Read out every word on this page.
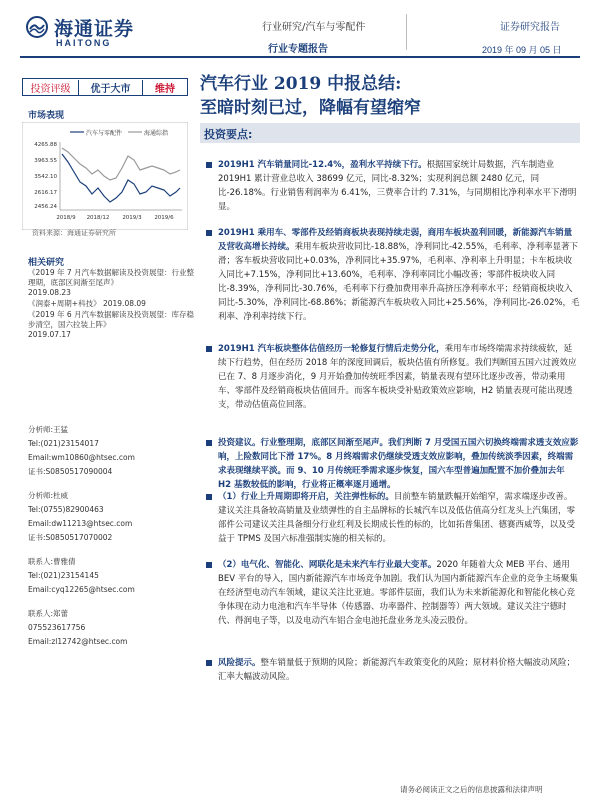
海通证券
HAITONG
行业研究/汽车与零配件
行业专题报告
证券研究报告
2019 年 09 月 05 日
投资评级	优于大市	维持
市场表现
汽车与零配件	海通综指
4265.88
3963.55
3542.10
2616.17
2456.24
2018/9 2018/12 2019/3 2019/6
资料来源：海通证券研究所
相关研究
《2019 年 7 月汽车数据解读及投资展望：行业整理期，底部区间渐至尾声》
2019.08.23
《润泰+周期+科技》 2019.08.09
《2019 年 6 月汽车数据解读及投资展望：库存稳步清空，国六拉装上阵》
2019.07.17
分析师:王猛
Tel:(021)23154017
Email:wm10860@htsec.com
证书:S0850517090004
分析师:杜威
Tel:(0755)82900463
Email:dw11213@htsec.com
证书:S0850517070002
联系人:曹雅倩
Tel:(021)23154145
Email:cyq12265@htsec.com
联系人:郑蕾
075523617756
Email:zl12742@htsec.com
汽车行业 2019 中报总结:
至暗时刻已过，降幅有望缩窄
投资要点:
2019H1 汽车销量同比-12.4%，盈利水平持续下行。根据国家统计局数据，汽车制造业 2019H1 累计营业总收入 38699 亿元，同比-8.32%；实现利润总额 2480 亿元，同比-26.18%。行业销售利润率为 6.41%，三费率合计约 7.31%，与同期相比净利率水平下滑明显。
2019H1 乘用车、零部件及经销商板块表现持续走弱，商用车板块盈利回暖，新能源汽车销量及营收高增长持续。乘用车板块营收同比-18.88%，净利同比-42.55%，毛利率、净利率显著下滑；客车板块营收同比+0.03%，净利同比+35.97%，毛利率、净利率上升明显；卡车板块收入同比+7.15%，净利同比+13.60%，毛利率、净利率同比小幅改善；零部件板块收入同比-8.39%，净利同比-30.76%，毛利率下行叠加费用率升高挤压净利率水平；经销商板块收入同比-5.30%，净利同比-68.86%；新能源汽车板块收入同比+25.56%，净利同比-26.02%，毛利率、净利率持续下行。
2019H1 汽车板块整体估值经历一轮修复行情后走势分化，乘用车市场终端需求持续疲软，延续下行趋势，但在经历 2018 年的深度回调后，板块估值有所修复。我们判断国五国六过渡效应已在 7、8 月逐步消化，9 月开始叠加传统旺季因素，销量表现有望环比逐步改善，带动乘用车、零部件及经销商板块估值回升。而客车板块受补贴政策效应影响，H2 销量表现可能出现透支，带动估值高位回落。
投资建议。行业整理期，底部区间渐至尾声。我们判断 7 月受国五国六切换终端需求透支效应影响，上险数同比下滑 17%。8 月终端需求仍继续受透支效应影响，叠加传统淡季因素，终端需求表现继续平淡。而 9、10 月传统旺季需求逐步恢复，国六车型普遍加配置不加价叠加去年 H2 基数较低的影响，行业将正概率逐月通增。
（1）行业上升周期即将开启，关注弹性标的。目前整车销量跌幅开始缩窄，需求端逐步改善。建议关注具备较高销量及业绩弹性的自主品牌标的长城汽车以及低估值高分红龙头上汽集团，零部件公司建议关注具备细分行业红利及长期成长性的标的，比如拓普集团、德赛西威等，以及受益于 TPMS 及国六标准强制实施的相关标的。
（2）电气化、智能化、网联化是未来汽车行业最大变革。2020 年随着大众 MEB 平台、通用 BEV 平台的导入，国内新能源汽车市场竞争加剧。我们认为国内新能源汽车企业的竞争主场聚集在经济型电动汽车领域，建议关注比亚迪。零部件层面，我们认为未来新能源化和智能化核心竞争体现在动力电池和汽车半导体（传感器、功率器件、控制器等）两大领域。建议关注宁德时代、得润电子等，以及电动汽车铝合金电池托盘业务龙头凌云股份。
风险提示。整车销量低于预期的风险；新能源汽车政策变化的风险；原材料价格大幅波动风险；汇率大幅波动风险。
请务必阅读正文之后的信息披露和法律声明
